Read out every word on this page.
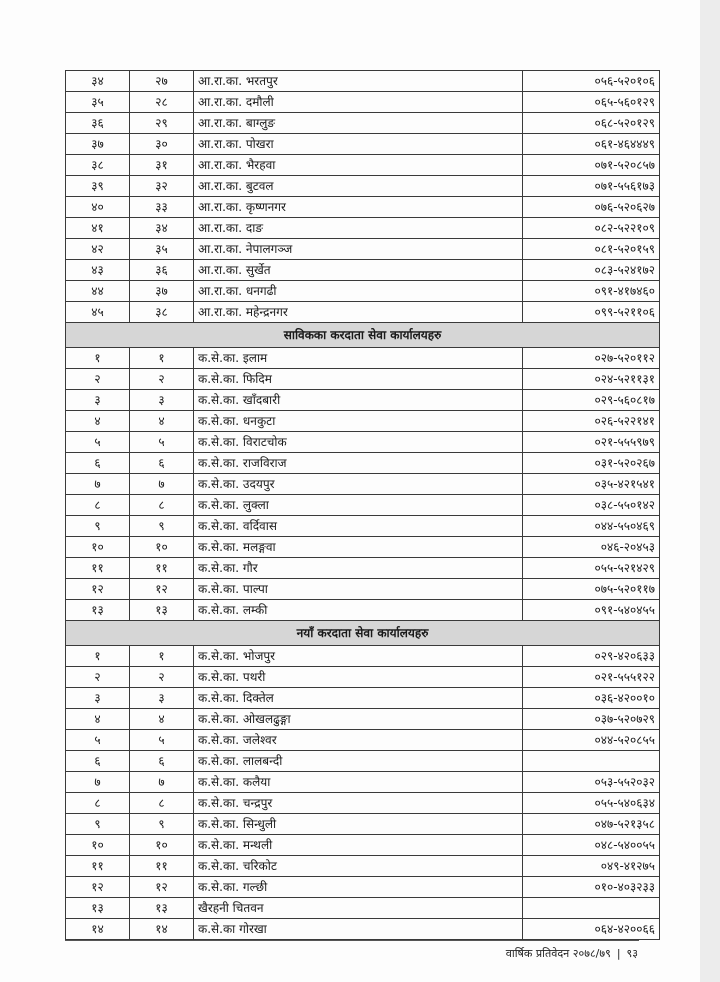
३४	२७	आ.रा.का. भरतपुर	०५६-५२०१०६
३५	२८	आ.रा.का. दमौली	०६५-५६०१२९
३६	२९	आ.रा.का. बाग्लुङ	०६८-५२०१२९
३७	३०	आ.रा.का. पोखरा	०६१-४६४४४९
३८	३१	आ.रा.का. भैरहवा	०७१-५२०८५७
३९	३२	आ.रा.का. बुटवल	०७१-५५६१७३
४०	३३	आ.रा.का. कृष्णनगर	०७६-५२०६२७
४१	३४	आ.रा.का. दाङ	०८२-५२२१०९
४२	३५	आ.रा.का. नेपालगञ्ज	०८१-५२०१५९
४३	३६	आ.रा.का. सुर्खेत	०८३-५२४१७२
४४	३७	आ.रा.का. धनगढी	०९१-४१७४६०
४५	३८	आ.रा.का. महेन्द्रनगर	०९९-५२११०६
साविकका करदाता सेवा कार्यालयहरु			
१	१	क.से.का. इलाम	०२७-५२०११२
२	२	क.से.का. फिदिम	०२४-५२११३१
३	३	क.से.का. खाँदबारी	०२९-५६०८१७
४	४	क.से.का. धनकुटा	०२६-५२२१४१
५	५	क.से.का. विराटचोक	०२१-५५५९७९
६	६	क.से.का. राजविराज	०३१-५२०२६७
७	७	क.से.का. उदयपुर	०३५-४२१५४१
८	८	क.से.का. लुक्ला	०३८-५५०१४२
९	९	क.से.का. वर्दिवास	०४४-५५०४६९
१०	१०	क.से.का. मलङ्गवा	०४६-२०४५३
११	११	क.से.का. गौर	०५५-५२१४२९
१२	१२	क.से.का. पाल्पा	०७५-५२०११७
१३	१३	क.से.का. लम्की	०९१-५४०४५५
नयाँ करदाता सेवा कार्यालयहरु			
१	१	क.से.का. भोजपुर	०२९-४२०६३३
२	२	क.से.का. पथरी	०२१-५५५१२२
३	३	क.से.का. दिक्तेल	०३६-४२००१०
४	४	क.से.का. ओखलढुङ्गा	०३७-५२०७२९
५	५	क.से.का. जलेश्वर	०४४-५२०८५५
६	६	क.से.का. लालबन्दी	
७	७	क.से.का. कलैया	०५३-५५२०३२
८	८	क.से.का. चन्द्रपुर	०५५-५४०६३४
९	९	क.से.का. सिन्धुली	०४७-५२१३५८
१०	१०	क.से.का. मन्थली	०४८-५४००५५
११	११	क.से.का. चरिकोट	०४९-४१२७५
१२	१२	क.से.का. गल्छी	०१०-४०३२३३
१३	१३	खैरहनी चितवन	
१४	१४	क.से.का गोरखा	०६४-४२००६६
वार्षिक प्रतिवेदन २०७८/७९ | ९३
